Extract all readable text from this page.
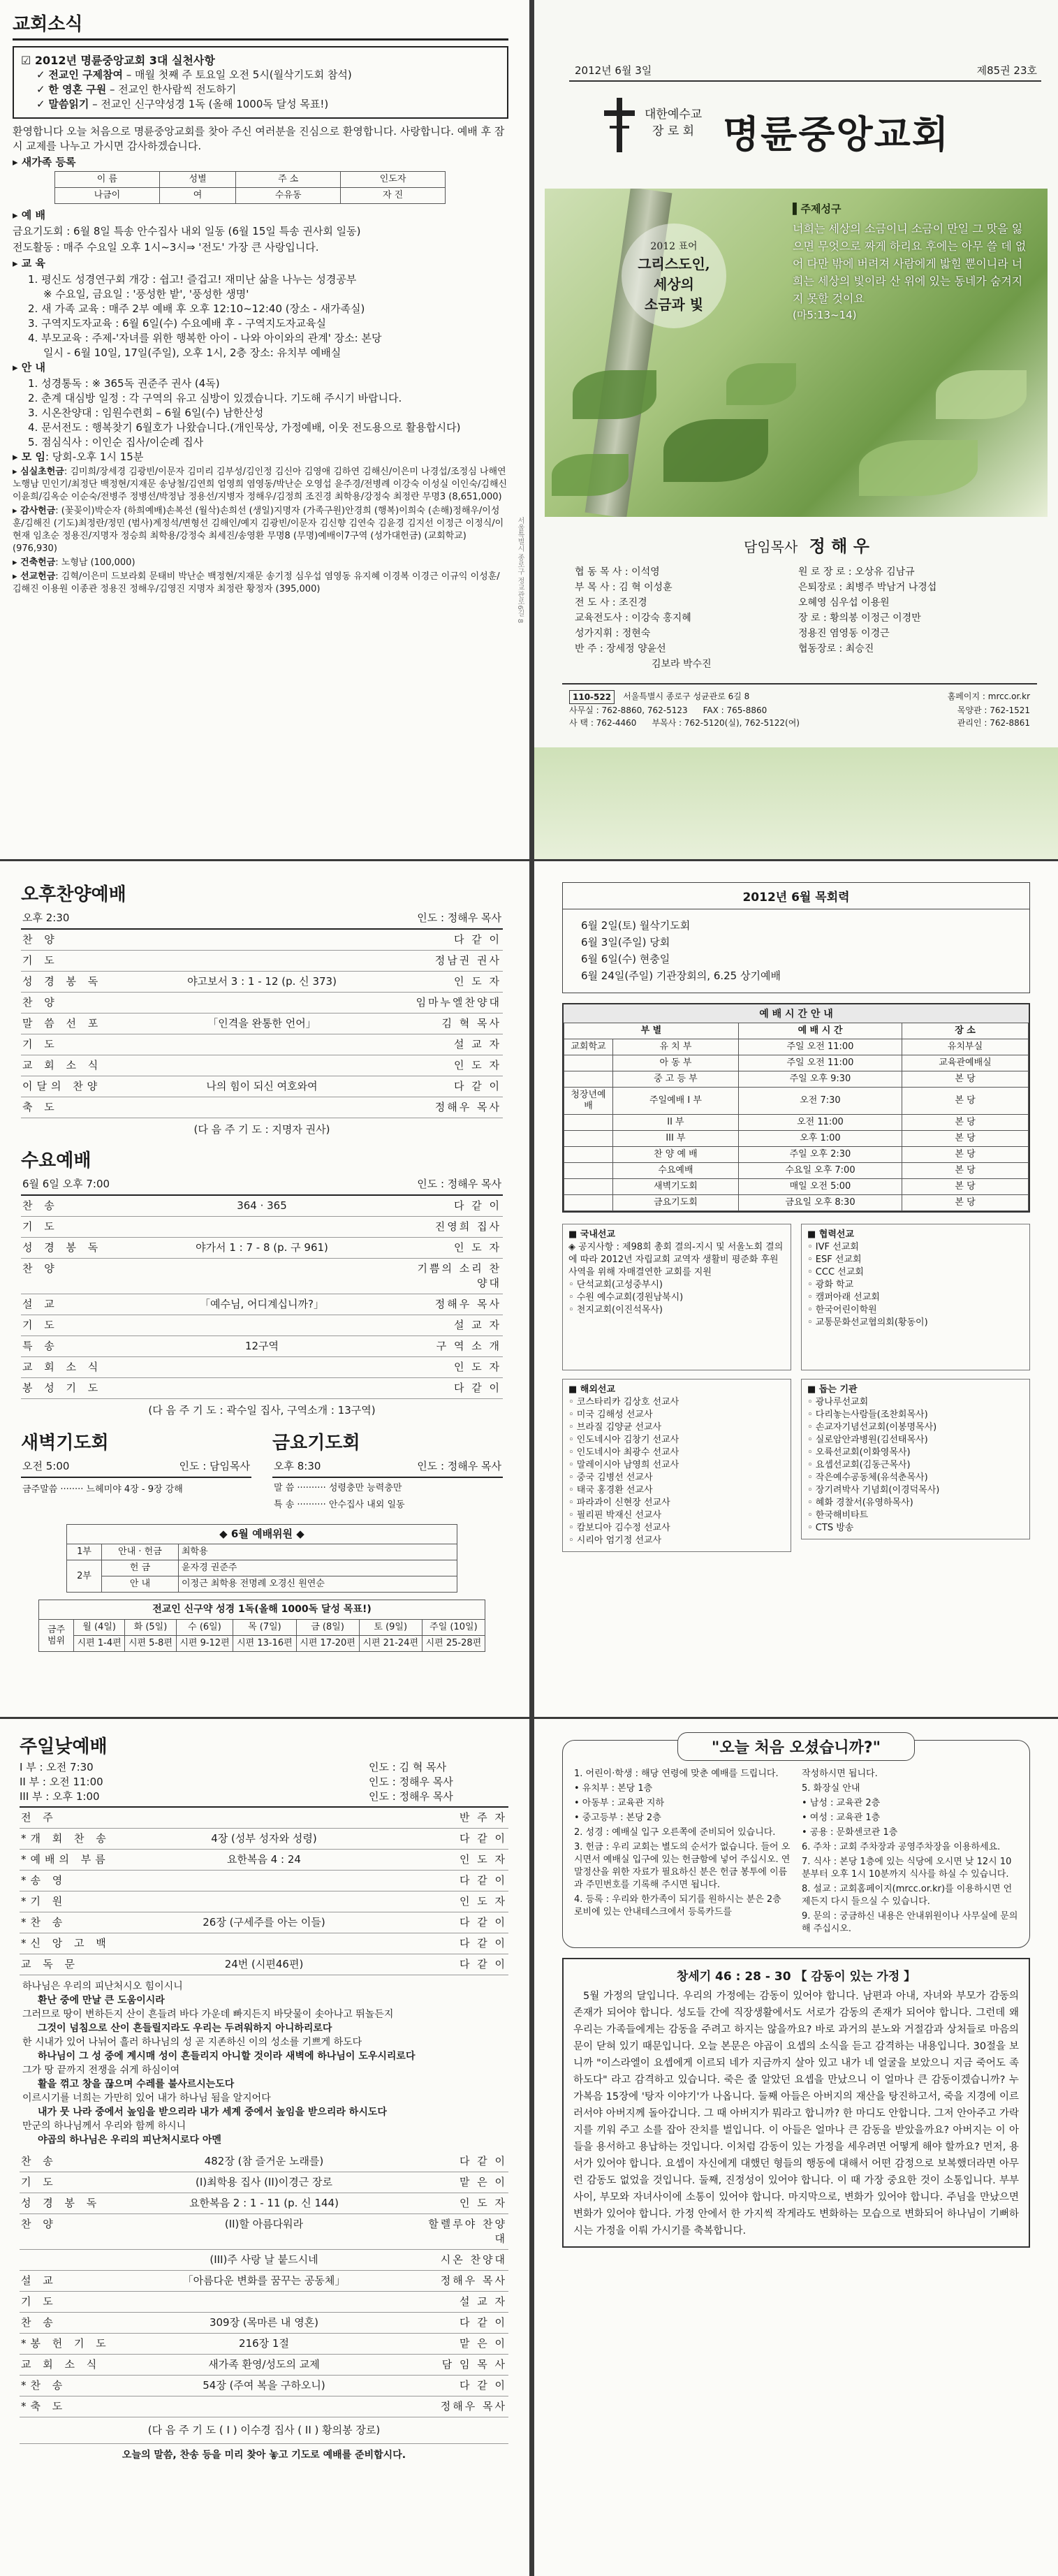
교회소식
☑ 2012년 명륜중앙교회 3대 실천사항
✓ 전교인 구제참여 – 매월 첫째 주 토요일 오전 5시(월삭기도회 참석)
✓ 한 영혼 구원 – 전교인 한사람씩 전도하기
✓ 말씀읽기 – 전교인 신구약성경 1독 (올해 1000독 달성 목표!)
환영합니다 오늘 처음으로 명륜중앙교회를 찾아 주신 여러분을 진심으로 환영합니다. 사랑합니다. 예배 후 잠시 교제를 나누고 가시면 감사하겠습니다.
▸ 새가족 등록
이 름	성별	주 소	인도자
나금이	여	수유동	자 진
▸ 예 배
금요기도회 : 6월 8일 특송 안수집사 내외 일동 (6월 15일 특송 권사회 일동)
전도활동 : 매주 수요일 오후 1시~3시⇒ '전도' 가장 큰 사랑입니다.
▸ 교 육
1. 평신도 성경연구회 개강 : 쉽고! 즐겁고! 재미난 삶을 나누는 성경공부
※ 수요일, 금요일 : '풍성한 밭', '풍성한 생명'
2. 새 가족 교육 : 매주 2부 예배 후 오후 12:10~12:40 (장소 - 새가족실)
3. 구역지도자교육 : 6월 6일(수) 수요예배 후 - 구역지도자교육실
4. 부모교육 : 주제-'자녀를 위한 행복한 아이 - 나와 아이와의 관계' 장소: 본당
일시 - 6월 10일, 17일(주일), 오후 1시, 2층 장소: 유치부 예배실
▸ 안 내
1. 성경통독 : ※ 365독 권준주 권사 (4독)
2. 춘계 대심방 일정 : 각 구역의 유고 심방이 있겠습니다. 기도해 주시기 바랍니다.
3. 시온찬양대 : 임원수련회 – 6월 6일(수) 남한산성
4. 문서전도 : 행복찾기 6월호가 나왔습니다.(개인묵상, 가정예배, 이웃 전도용으로 활용합시다)
5. 점심식사 : 이인순 집사/이순례 집사
▸ 모 임: 당회-오후 1시 15분
▸ 심실초헌금: 김미희/장세경 김광빈/이문자 김미리 김부성/김인정 김신아 김영애 김하연 김해신/이은미 나경섭/조정심 나해연 노행남 민인기/최정단 백정현/지재문 송낭철/김연희 엄영희 염영동/박난순 오영섭 윤주경/전병례 이강숙 이성실 이인숙/김해신 이윤희/김옥순 이순숙/전병주 정병선/박정남 정용선/지병자 정해우/김정희 조진경 최학용/강정숙 최정란 무명3 (8,651,000)
▸ 감사헌금: (꽃꽂이)박순자 (하희예배)손복선 (월삭)손희선 (생일)지명자 (가족구원)안경희 (행복)이희숙 (손해)정해우/이성훈/김해진 (기도)최정란/정민 (범사)계정석/변형선 김해인/예지 김광빈/이문자 김신향 김연숙 김윤경 김지선 이정근 이정식/이현재 임초순 정용진/지명자 정승희 최학용/강정숙 최세진/송영환 무명8 (무명)예배이7구역 (성가대헌금) (교회학교) (976,930)
▸ 건축헌금: 노형남 (100,000)
▸ 선교헌금: 김혁/이은미 드보라회 문태비 박난순 백정현/지재문 송기정 심우섭 염영동 유지혜 이경복 이경근 이규익 이성훈/김해진 이용원 이종관 정용진 정해우/김영진 지명자 최정란 황정자 (395,000)	서울특별시 종로구 정교관로6길 8
2012년 6월 3일	제85권 23호
대한예수교
장 로 회 명륜중앙교회
2012 표어
그리스도인,
세상의
소금과 빛
▌주제성구
너희는 세상의 소금이니 소금이 만일 그 맛을 잃으면 무엇으로 짜게 하리요 후에는 아무 쓸 데 없어 다만 밖에 버려져 사람에게 밟힐 뿐이니라 너희는 세상의 빛이라 산 위에 있는 동네가 숨겨지지 못할 것이요
(마5:13~14)
담임목사 정 해 우
협 동 목 사 : 이석영	원 로 장 로 : 오상유 김남규
부 목 사 : 김 혁 이성훈	은퇴장로 : 최병주 박남거 나경섭
전 도 사 : 조진경	오혜영 심우섭 이용원
교육전도사 : 이강숙 홍지혜	장 로 : 황의봉 이정근 이경만
성가지휘 : 정현숙	정용진 염영동 이경근
반 주 : 장세정 양윤선	협동장로 : 최승진
김보라 박수진
110-522	서울특별시 종로구 성균관로 6길 8	홈페이지 : mrcc.or.kr
사무실 : 762-8860, 762-5123 FAX : 765-8860	목양관 : 762-1521
사 택 : 762-4460 부목사 : 762-5120(실), 762-5122(여)	관리인 : 762-8861
오후찬양예배
오후 2:30	인도 : 정해우 목사
찬 양	다 같 이
기 도	정남권 권사
성 경 봉 독	야고보서 3 : 1 - 12 (p. 신 373)	인 도 자
찬 양	임마누엘찬양대
말 씀 선 포	「인격을 완통한 언어」	김 혁 목사
기 도	설 교 자
교 회 소 식	인 도 자
이달의 찬양	나의 힘이 되신 여호와여	다 같 이
축 도	정해우 목사
(다 음 주 기 도 : 지명자 권사)
수요예배
6월 6일 오후 7:00	인도 : 정해우 목사
찬 송	364 · 365	다 같 이
기 도	진영희 집사
성 경 봉 독	야가서 1 : 7 - 8 (p. 구 961)	인 도 자
찬 양	기쁨의 소리 찬양대
설 교	「예수님, 어디계십니까?」	정해우 목사
기 도	설 교 자
특 송	12구역	구 역 소 개
교 회 소 식	인 도 자
봉 성 기 도	다 같 이
(다 음 주 기 도 : 곽수일 집사, 구역소개 : 13구역)
새벽기도회
오전 5:00	인도 : 담임목사
금주말씀 ········ 느헤미야 4장 - 9장 강해
금요기도회
오후 8:30	인도 : 정해우 목사
말 씀 ·········· 성령충만 능력충만
특 송 ·········· 안수집사 내외 일동
◆ 6월 예배위원 ◆
1부	안내 · 헌금	최학용
2부	헌 금	윤자경 권준주
	안 내	이정근 최학용 전명례 오경신 원연순
전교인 신구약 성경 1독(올해 1000독 달성 목표!)
금주 범위	월 (4일)	화 (5일)	수 (6일)	목 (7일)	금 (8일)	토 (9일)	주일 (10일)
	시편 1-4편	시편 5-8편	시편 9-12편	시편 13-16편	시편 17-20편	시편 21-24편	시편 25-28편
2012년 6월 목회력
6월 2일(토) 월삭기도회
6월 3일(주일) 당회
6월 6일(수) 현충일
6월 24일(주일) 기관장회의, 6.25 상기예배
예 배 시 간 안 내
부 별		예 배 시 간	장 소
교회학교	유 치 부	주일 오전 11:00	유치부실
	아 동 부	주일 오전 11:00	교육관예배실
	중 고 등 부	주일 오후 9:30	본 당
청장년예배	주일예배 I 부	오전 7:30	본 당
	II 부	오전 11:00	본 당
	III 부	오후 1:00	본 당
	찬 양 예 배	주일 오후 2:30	본 당
	수요예배	수요일 오후 7:00	본 당
	새벽기도회	매일 오전 5:00	본 당
	금요기도회	금요일 오후 8:30	본 당
■ 국내선교
◈ 공지사항 : 제98회 총회 결의-지시 및 서울노회 결의에 따라 2012년 자립교회 교역자 생활비 평준화 후원 사역을 위해 자매결연한 교회를 지원
◦ 단석교회(고성중부시)
◦ 수원 예수교회(경원남북시)
◦ 천지교회(이진석목사)
■ 해외선교
◦ 코스타리카 김상호 선교사
◦ 미국 김해성 선교사
◦ 브라질 김양균 선교사
◦ 인도네시아 김창기 선교사
◦ 인도네시아 최광수 선교사
◦ 말레이시아 남영희 선교사
◦ 중국 김병선 선교사
◦ 태국 홍경환 선교사
◦ 파라과이 신현장 선교사
◦ 필리핀 박재신 선교사
◦ 캄보디아 김수정 선교사
◦ 시리아 엄기정 선교사
■ 협력선교
◦ IVF 선교회
◦ ESF 선교회
◦ CCC 선교회
◦ 광화 학교
◦ 캠퍼아래 선교회
◦ 한국어린이학원
◦ 교통문화선교협의회(황동이)
■ 돕는 기관
◦ 광나루선교회
◦ 다리놓는사람들(조찬회목사)
◦ 손교자기념선교회(이봉명목사)
◦ 실로암안과병원(김선태목사)
◦ 오륙선교회(이화영목사)
◦ 요셉선교회(김동근목사)
◦ 작은예수공동체(유석춘목사)
◦ 장기려박사 기념회(이경덕목사)
◦ 혜화 경찰서(유영하목사)
◦ 한국해비타트
◦ CTS 방송
주일낮예배
I 부 : 오전 7:30	인도 : 김 혁 목사
II 부 : 오전 11:00	인도 : 정해우 목사
III 부 : 오후 1:00	인도 : 정해우 목사
전 주	반 주 자
*개 회 찬 송	4장 (성부 성자와 성령)	다 같 이
*예배의 부름	요한복음 4 : 24	인 도 자
*송 영	다 같 이
*기 원	인 도 자
*찬 송	26장 (구세주를 아는 이들)	다 같 이
*신 앙 고 백	다 같 이
교 독 문	24번 (시편46편)	다 같 이
하나님은 우리의 피난처시오 힘이시니
환난 중에 만날 큰 도움이시라
그러므로 땅이 변하든지 산이 흔들려 바다 가운데 빠지든지 바닷물이 솟아나고 뛰놀든지
그것이 넘침으로 산이 흔들릴지라도 우리는 두려워하지 아니하리로다
한 시내가 있어 나뉘어 흘러 하나님의 성 곧 지존하신 이의 성소를 기쁘게 하도다
하나님이 그 성 중에 계시매 성이 흔들리지 아니할 것이라 새벽에 하나님이 도우시리로다
그가 땅 끝까지 전쟁을 쉬게 하심이여
활을 꺾고 창을 끊으며 수레를 불사르시는도다
이르시기를 너희는 가만히 있어 내가 하나님 됨을 알지어다
내가 뭇 나라 중에서 높임을 받으리라 내가 세계 중에서 높임을 받으리라 하시도다
만군의 하나님께서 우리와 함께 하시니
야곱의 하나님은 우리의 피난처시로다 아멘
찬 송	482장 (참 즐거운 노래를)	다 같 이
기 도	(I)최학용 집사 (II)이경근 장로	맡 은 이
성 경 봉 독	요한복음 2 : 1 - 11 (p. 신 144)	인 도 자
찬 양	(II)할 아름다워라	할렐루야 찬양대
(III)주 사랑 날 붙드시네	시온 찬양대
설 교	「아름다운 변화를 꿈꾸는 공동체」	정해우 목사
기 도	설 교 자
찬 송	309장 (목마른 내 영혼)	다 같 이
*봉 헌 기 도	216장 1절	맡 은 이
교 회 소 식	새가족 환영/성도의 교제	담 임 목 사
*찬 송	54장 (주여 복을 구하오니)	다 같 이
*축 도	정해우 목사
(다 음 주 기 도 ( I ) 이수경 집사 ( II ) 황의봉 장로)
오늘의 말씀, 찬송 등을 미리 찾아 놓고 기도로 예배를 준비합시다.
"오늘 처음 오셨습니까?"
1. 어린이·학생 : 해당 연령에 맞춘 예배를 드립니다.
• 유치부 : 본당 1층
• 아동부 : 교육관 지하
• 중고등부 : 본당 2층
2. 성경 : 예배실 입구 오른쪽에 준비되어 있습니다.
3. 헌금 : 우리 교회는 별도의 순서가 없습니다. 들어 오시면서 예배실 입구에 있는 헌금함에 넣어 주십시오. 연말정산을 위한 자료가 필요하신 분은 헌금 봉투에 이름과 주민번호를 기록해 주시면 됩니다.
4. 등록 : 우리와 한가족이 되기를 원하시는 분은 2층 로비에 있는 안내테스크에서 등록카드를
작성하시면 됩니다.
5. 화장실 안내
• 남성 : 교육관 2층
• 여성 : 교육관 1층
• 공용 : 문화센코관 1층
6. 주차 : 교회 주차장과 공영주차장을 이용하세요.
7. 식사 : 본당 1층에 있는 식당에 오시면 낮 12시 10분부터 오후 1시 10분까지 식사를 하실 수 있습니다.
8. 설교 : 교회홈페이지(mrcc.or.kr)를 이용하시면 언제든지 다시 들으실 수 있습니다.
9. 문의 : 궁금하신 내용은 안내위원이나 사무실에 문의해 주십시오.
창세기 46 : 28 - 30 【 감동이 있는 가정 】
5월 가정의 달입니다. 우리의 가정에는 감동이 있어야 합니다. 남편과 아내, 자녀와 부모가 감동의 존재가 되어야 합니다. 성도들 간에 직장생활에서도 서로가 감동의 존재가 되어야 합니다. 그런데 왜 우리는 가족들에게는 감동을 주려고 하지는 않을까요? 바로 과거의 분노와 거절감과 상처들로 마음의 문이 닫혀 있기 때문입니다. 오늘 본문은 야곱이 요셉의 소식을 듣고 감격하는 내용입니다. 30절을 보니까 "이스라엘이 요셉에게 이르되 네가 지금까지 살아 있고 내가 네 얼굴을 보았으니 지금 죽어도 족하도다" 라고 감격하고 있습니다. 죽은 줄 알았던 요셉을 만났으니 이 얼마나 큰 감동이겠습니까? 누가복음 15장에 '탕자 이야기'가 나옵니다. 둘째 아들은 아버지의 재산을 탕진하고서, 죽을 지경에 이르러서야 아버지께 돌아갑니다. 그 때 아버지가 뭐라고 합니까? 한 마디도 안합니다. 그저 안아주고 가락지를 끼워 주고 소를 잡아 잔치를 벌입니다. 이 아들은 얼마나 큰 감동을 받았을까요? 아버지는 이 아들을 용서하고 용납하는 것입니다. 이처럼 감동이 있는 가정을 세우려면 어떻게 해야 할까요? 먼저, 용서가 있어야 합니다. 요셉이 자신에게 대했던 형들의 행동에 대해서 어떤 감정으로 보복했더라면 아무런 감동도 없었을 것입니다. 둘째, 진정성이 있어야 합니다. 이 때 가장 중요한 것이 소통입니다. 부부사이, 부모와 자녀사이에 소통이 있어야 합니다. 마지막으로, 변화가 있어야 합니다. 주님을 만났으면 변화가 있어야 합니다. 가정 안에서 한 가지씩 작게라도 변화하는 모습으로 변화되어 하나님이 기뻐하시는 가정을 이뤄 가시기를 축복합니다.
